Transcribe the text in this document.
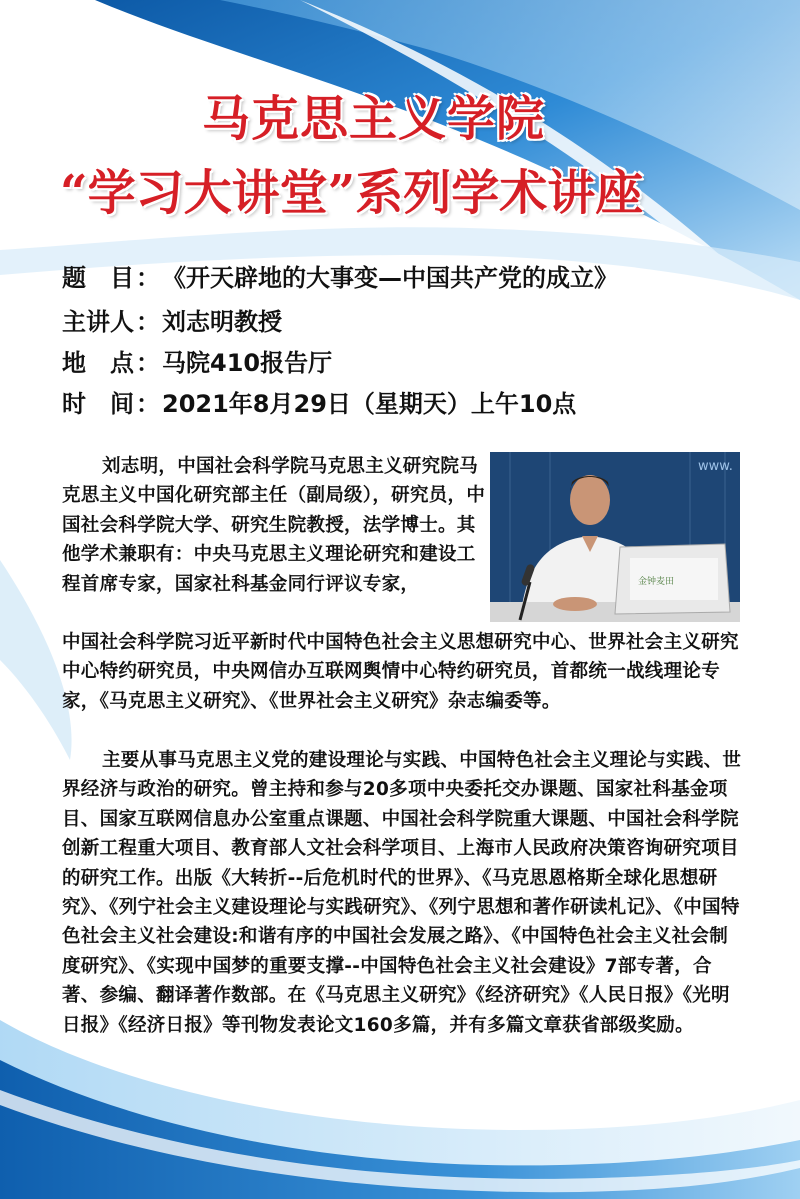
马克思主义学院
“学习大讲堂”系列学术讲座
题　目：《开天辟地的大事变—中国共产党的成立》
主讲人：刘志明教授
地　点：马院410报告厅
时　间：2021年8月29日（星期天）上午10点
金钟麦田
www.
刘志明，中国社会科学院马克思主义研究院马克思主义中国化研究部主任（副局级），研究员，中国社会科学院大学、研究生院教授，法学博士。其他学术兼职有：中央马克思主义理论研究和建设工程首席专家，国家社科基金同行评议专家，
中国社会科学院习近平新时代中国特色社会主义思想研究中心、世界社会主义研究中心特约研究员，中央网信办互联网舆情中心特约研究员，首都统一战线理论专家，《马克思主义研究》、《世界社会主义研究》杂志编委等。
主要从事马克思主义党的建设理论与实践、中国特色社会主义理论与实践、世界经济与政治的研究。曾主持和参与20多项中央委托交办课题、国家社科基金项目、国家互联网信息办公室重点课题、中国社会科学院重大课题、中国社会科学院创新工程重大项目、教育部人文社会科学项目、上海市人民政府决策咨询研究项目的研究工作。出版《大转折--后危机时代的世界》、《马克思恩格斯全球化思想研究》、《列宁社会主义建设理论与实践研究》、《列宁思想和著作研读札记》、《中国特色社会主义社会建设:和谐有序的中国社会发展之路》、《中国特色社会主义社会制度研究》、《实现中国梦的重要支撑--中国特色社会主义社会建设》7部专著，合著、参编、翻译著作数部。在《马克思主义研究》《经济研究》《人民日报》《光明日报》《经济日报》等刊物发表论文160多篇，并有多篇文章获省部级奖励。
